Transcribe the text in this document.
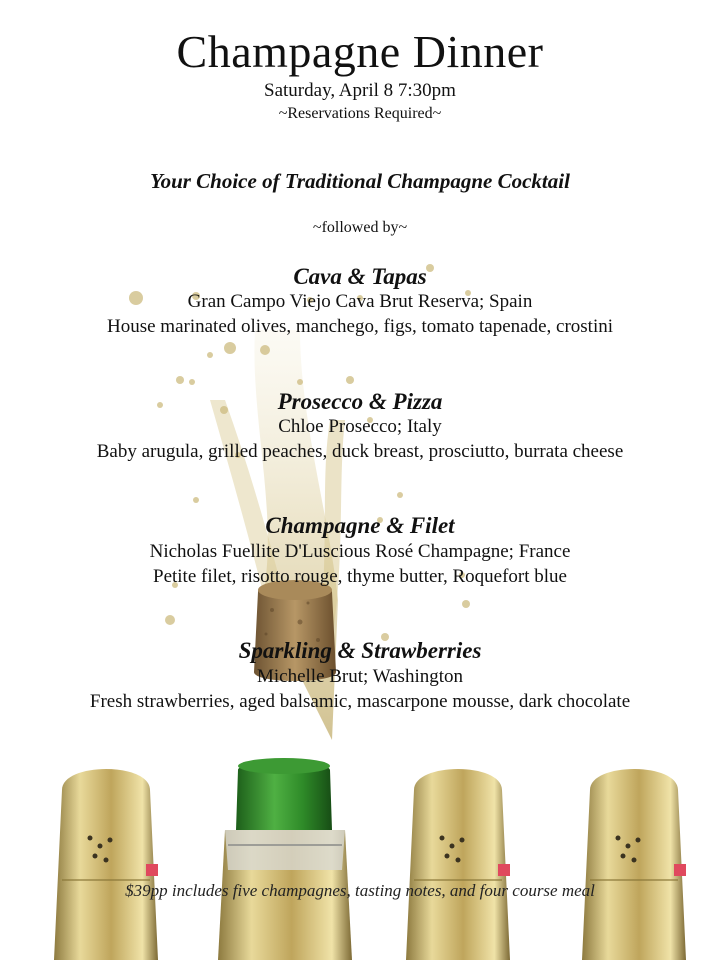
Champagne Dinner
Saturday, April 8 7:30pm
~Reservations Required~
Your Choice of Traditional Champagne Cocktail
~followed by~
Cava & Tapas
Gran Campo Viejo Cava Brut Reserva; Spain
House marinated olives, manchego, figs, tomato tapenade, crostini
Prosecco & Pizza
Chloe Prosecco; Italy
Baby arugula, grilled peaches, duck breast, prosciutto, burrata cheese
Champagne & Filet
Nicholas Fuellite D'Luscious Rosé Champagne; France
Petite filet, risotto rouge, thyme butter, Roquefort blue
Sparkling & Strawberries
Michelle Brut; Washington
Fresh strawberries, aged balsamic, mascarpone mousse, dark chocolate
$39pp includes five champagnes, tasting notes, and four course meal
